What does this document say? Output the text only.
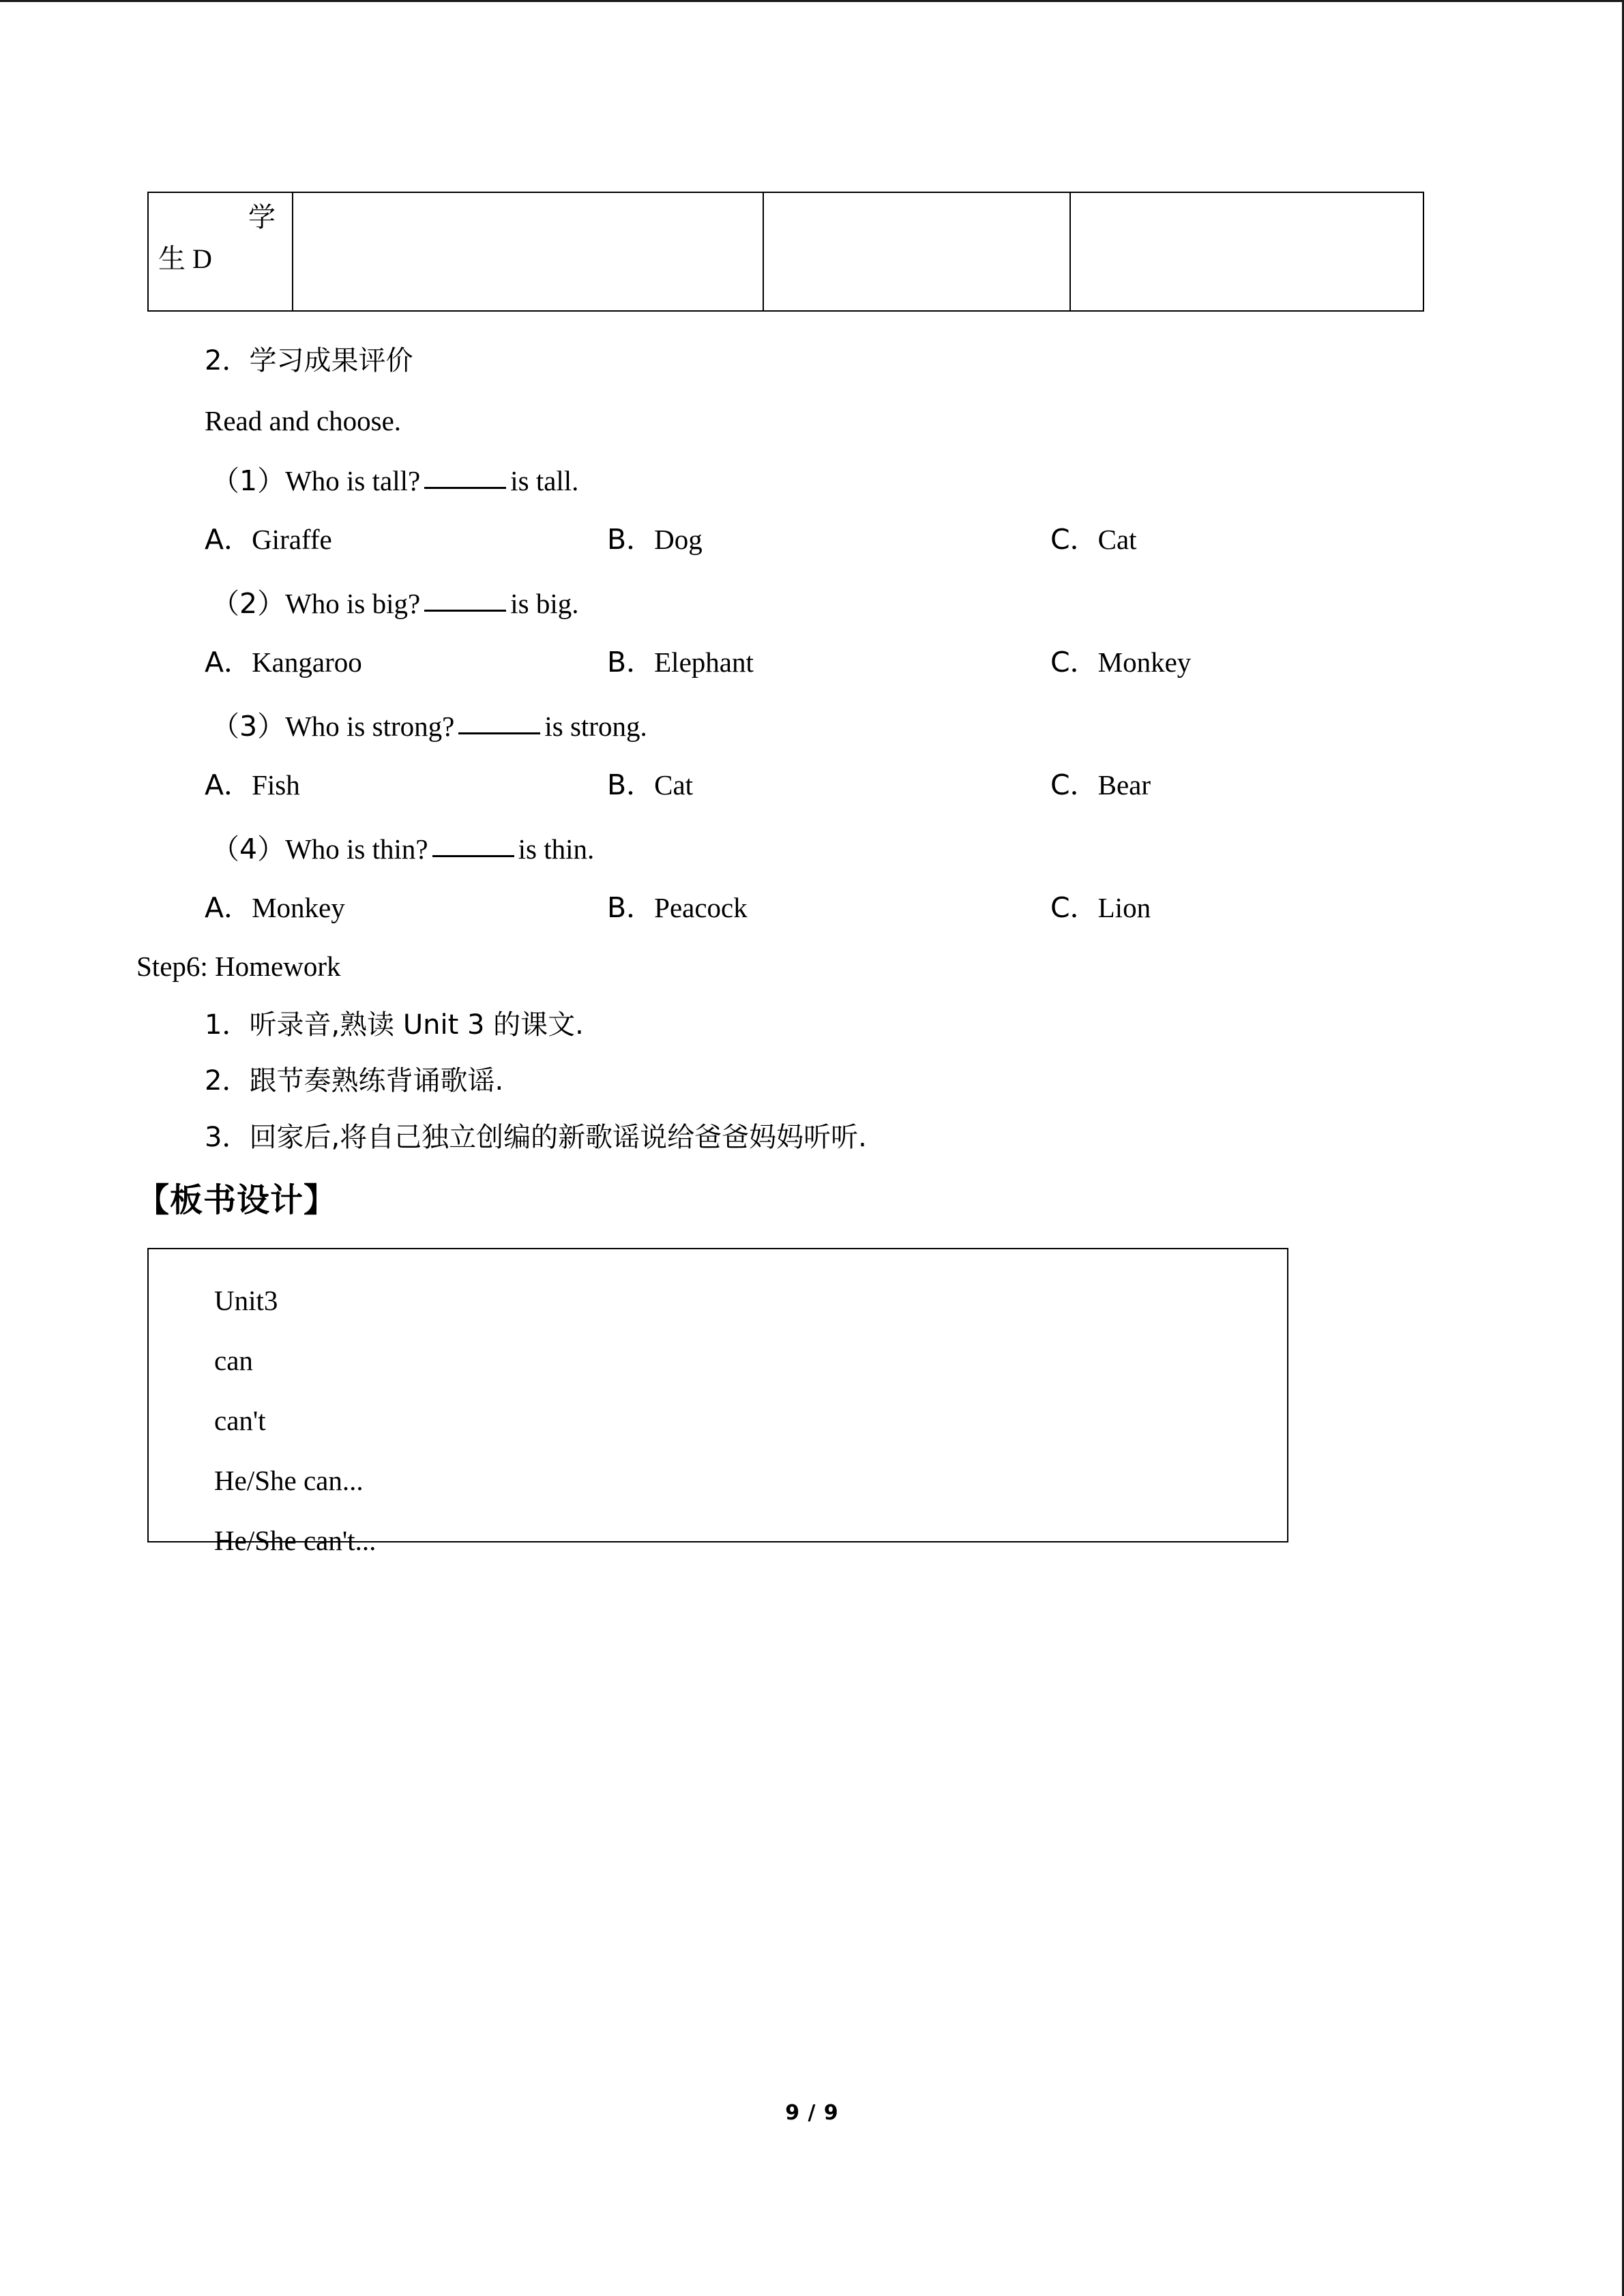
学
生 D

2．学习成果评价
Read and choose.
（1）Who is tall?	is tall.
A．Giraffe	B．Dog	C．Cat
（2）Who is big?	is big.
A．Kangaroo	B．Elephant	C．Monkey
（3）Who is strong?	is strong.
A．Fish	B．Cat	C．Bear
（4）Who is thin?	is thin.
A．Monkey	B．Peacock	C．Lion
Step6: Homework
1．听录音,熟读 Unit 3 的课文.
2．跟节奏熟练背诵歌谣.
3．回家后,将自己独立创编的新歌谣说给爸爸妈妈听听.
【板书设计】
Unit3
can
can't
He/She can...
He/She can't...
9 / 9
